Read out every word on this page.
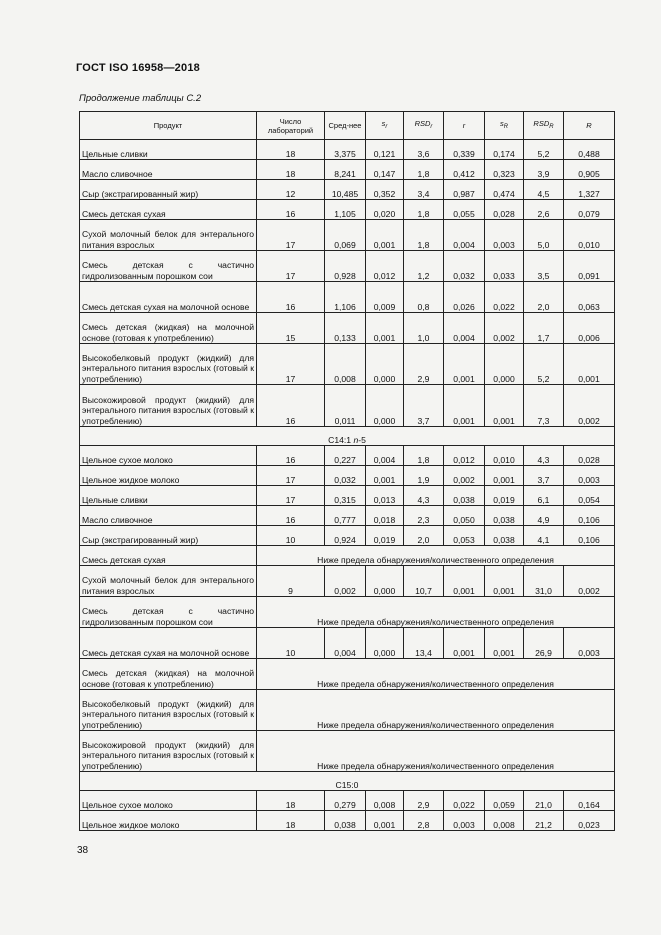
ГОСТ ISO 16958—2018
Продолжение таблицы С.2
Продукт	Число лабораторий	Сред-нее	$s_r$	$RSD_r$	r	$s_R$	$RSD_R$	R

Цельные сливки	18	3,375	0,121	3,6	0,339	0,174	5,2	0,488

Масло сливочное	18	8,241	0,147	1,8	0,412	0,323	3,9	0,905

Сыр (экстрагированный жир)	12	10,485	0,352	3,4	0,987	0,474	4,5	1,327

Смесь детская сухая	16	1,105	0,020	1,8	0,055	0,028	2,6	0,079

Сухой молочный белок для энтерального питания взрослых	17	0,069	0,001	1,8	0,004	0,003	5,0	0,010

Смесь детская с частично гидролизованным порошком сои	17	0,928	0,012	1,2	0,032	0,033	3,5	0,091

Смесь детская сухая на молочной основе	16	1,106	0,009	0,8	0,026	0,022	2,0	0,063

Смесь детская (жидкая) на молочной основе (готовая к употреблению)	15	0,133	0,001	1,0	0,004	0,002	1,7	0,006

Высокобелковый продукт (жидкий) для энтерального питания взрослых (готовый к употреблению)	17	0,008	0,000	2,9	0,001	0,000	5,2	0,001

Высокожировой продукт (жидкий) для энтерального питания взрослых (готовый к употреблению)	16	0,011	0,000	3,7	0,001	0,001	7,3	0,002
C14:1 n-5								

Цельное сухое молоко	16	0,227	0,004	1,8	0,012	0,010	4,3	0,028

Цельное жидкое молоко	17	0,032	0,001	1,9	0,002	0,001	3,7	0,003

Цельные сливки	17	0,315	0,013	4,3	0,038	0,019	6,1	0,054

Масло сливочное	16	0,777	0,018	2,3	0,050	0,038	4,9	0,106

Сыр (экстрагированный жир)	10	0,924	0,019	2,0	0,053	0,038	4,1	0,106

Смесь детская сухая	Ниже предела обнаружения/количественного определения							

Сухой молочный белок для энтерального питания взрослых	9	0,002	0,000	10,7	0,001	0,001	31,0	0,002

Смесь детская с частично гидролизованным порошком сои	Ниже предела обнаружения/количественного определения							

Смесь детская сухая на молочной основе	10	0,004	0,000	13,4	0,001	0,001	26,9	0,003

Смесь детская (жидкая) на молочной основе (готовая к употреблению)	Ниже предела обнаружения/количественного определения							

Высокобелковый продукт (жидкий) для энтерального питания взрослых (готовый к употреблению)	Ниже предела обнаружения/количественного определения							

Высокожировой продукт (жидкий) для энтерального питания взрослых (готовый к употреблению)	Ниже предела обнаружения/количественного определения							
C15:0								

Цельное сухое молоко	18	0,279	0,008	2,9	0,022	0,059	21,0	0,164

Цельное жидкое молоко	18	0,038	0,001	2,8	0,003	0,008	21,2	0,023
38
